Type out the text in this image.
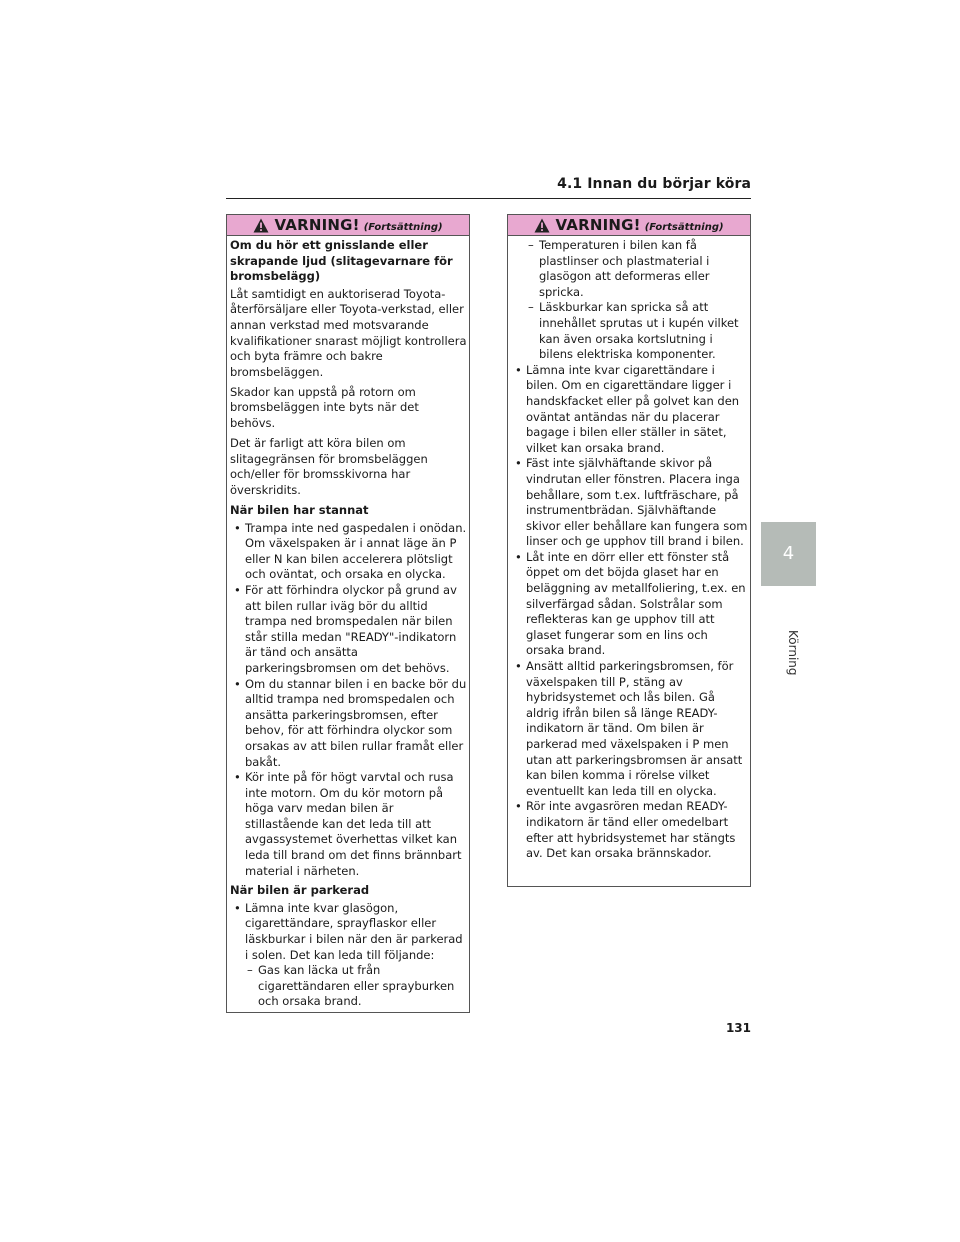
4.1 Innan du börjar köra
4
Körning
VARNING! (Fortsättning)

Om du hör ett gnisslande eller skrapande ljud (slitagevarnare för bromsbelägg)

Låt samtidigt en auktoriserad Toyota-återförsäljare eller Toyota-verkstad, eller annan verkstad med motsvarande kvalifikationer snarast möjligt kontrollera och byta främre och bakre bromsbeläggen.

Skador kan uppstå på rotorn om bromsbeläggen inte byts när det behövs.

Det är farligt att köra bilen om slitagegränsen för bromsbeläggen och/eller för bromsskivorna har överskridits.

När bilen har stannat

• Trampa inte ned gaspedalen i onödan. Om växelspaken är i annat läge än P eller N kan bilen accelerera plötsligt och oväntat, och orsaka en olycka.
• För att förhindra olyckor på grund av att bilen rullar iväg bör du alltid trampa ned bromspedalen när bilen står stilla medan "READY"-indikatorn är tänd och ansätta parkeringsbromsen om det behövs.
• Om du stannar bilen i en backe bör du alltid trampa ned bromspedalen och ansätta parkeringsbromsen, efter behov, för att förhindra olyckor som orsakas av att bilen rullar framåt eller bakåt.
• Kör inte på för högt varvtal och rusa inte motorn. Om du kör motorn på höga varv medan bilen är stillastående kan det leda till att avgassystemet överhettas vilket kan leda till brand om det finns brännbart material i närheten.

När bilen är parkerad

• Lämna inte kvar glasögon, cigarettändare, sprayflaskor eller läskburkar i bilen när den är parkerad i solen. Det kan leda till följande:
– Gas kan läcka ut från cigarettändaren eller sprayburken och orsaka brand.
VARNING! (Fortsättning)
– Temperaturen i bilen kan få plastlinser och plastmaterial i glasögon att deformeras eller spricka.
– Läskburkar kan spricka så att innehållet sprutas ut i kupén vilket kan även orsaka kortslutning i bilens elektriska komponenter.
• Lämna inte kvar cigarettändare i bilen. Om en cigarettändare ligger i handskfacket eller på golvet kan den oväntat antändas när du placerar bagage i bilen eller ställer in sätet, vilket kan orsaka brand.
• Fäst inte självhäftande skivor på vindrutan eller fönstren. Placera inga behållare, som t.ex. luftfräschare, på instrumentbrädan. Självhäftande skivor eller behållare kan fungera som linser och ge upphov till brand i bilen.
• Låt inte en dörr eller ett fönster stå öppet om det böjda glaset har en beläggning av metallfoliering, t.ex. en silverfärgad sådan. Solstrålar som reflekteras kan ge upphov till att glaset fungerar som en lins och orsaka brand.
• Ansätt alltid parkeringsbromsen, för växelspaken till P, stäng av hybridsystemet och lås bilen. Gå aldrig ifrån bilen så länge READY-indikatorn är tänd. Om bilen är parkerad med växelspaken i P men utan att parkeringsbromsen är ansatt kan bilen komma i rörelse vilket eventuellt kan leda till en olycka.
• Rör inte avgasrören medan READY-indikatorn är tänd eller omedelbart efter att hybridsystemet har stängts av. Det kan orsaka brännskador.
131
